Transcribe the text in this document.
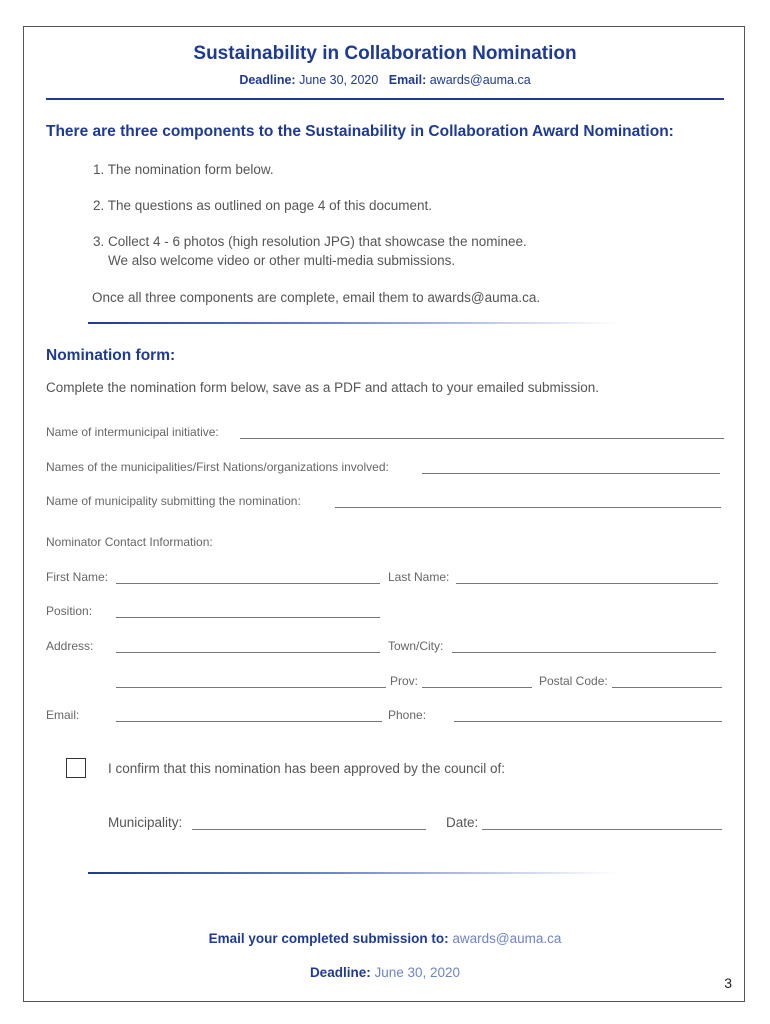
Sustainability in Collaboration Nomination
Deadline: June 30, 2020 Email: awards@auma.ca
There are three components to the Sustainability in Collaboration Award Nomination:
1. The nomination form below.
2. The questions as outlined on page 4 of this document.
3. Collect 4 - 6 photos (high resolution JPG) that showcase the nominee.
We also welcome video or other multi-media submissions.
Once all three components are complete, email them to awards@auma.ca.
Nomination form:
Complete the nomination form below, save as a PDF and attach to your emailed submission.
Name of intermunicipal initiative:
Names of the municipalities/First Nations/organizations involved:
Name of municipality submitting the nomination:
Nominator Contact Information:
First Name:	Last Name:
Position:
Address:	Town/City:
Prov:	Postal Code:
Email:	Phone:
I confirm that this nomination has been approved by the council of:
Municipality:	Date:
Email your completed submission to: awards@auma.ca
Deadline: June 30, 2020
3
